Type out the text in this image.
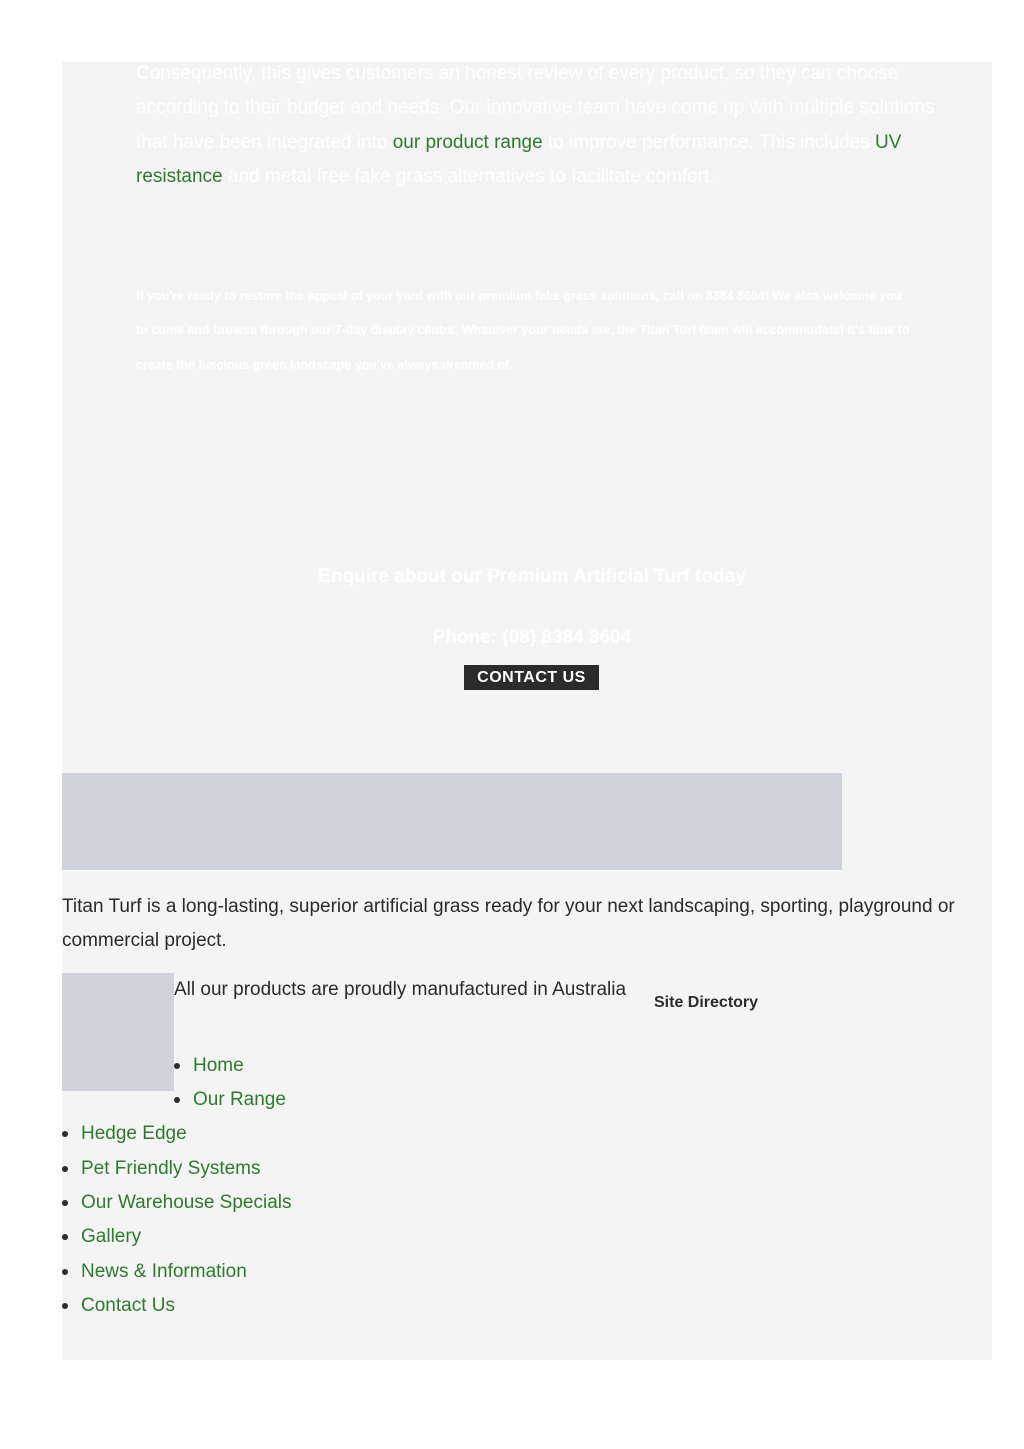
Consequently, this gives customers an honest review of every product, so they can choose according to their budget and needs. Our innovative team have come up with multiple solutions that have been integrated into our product range to improve performance. This includes UV resistance and metal free fake grass alternatives to facilitate comfort.

If you're ready to restore the appeal of your yard with our premium fake grass solutions, call on 8384 8604! We also welcome you to come and browse through our 7-day display centre. Whatever your needs are, the Titan Turf team will accommodate! It's time to create the luscious green landscape you've always dreamed of.

Enquire about our Premium Artificial Turf today
Phone: (08) 8384 8604
CONTACT US

Titan Turf is a long-lasting, superior artificial grass ready for your next landscaping, sporting, playground or commercial project.

All our products are proudly manufactured in Australia

Site Directory
Home
Our Range
Hedge Edge
Pet Friendly Systems
Our Warehouse Specials
Gallery
News & Information
Contact Us
